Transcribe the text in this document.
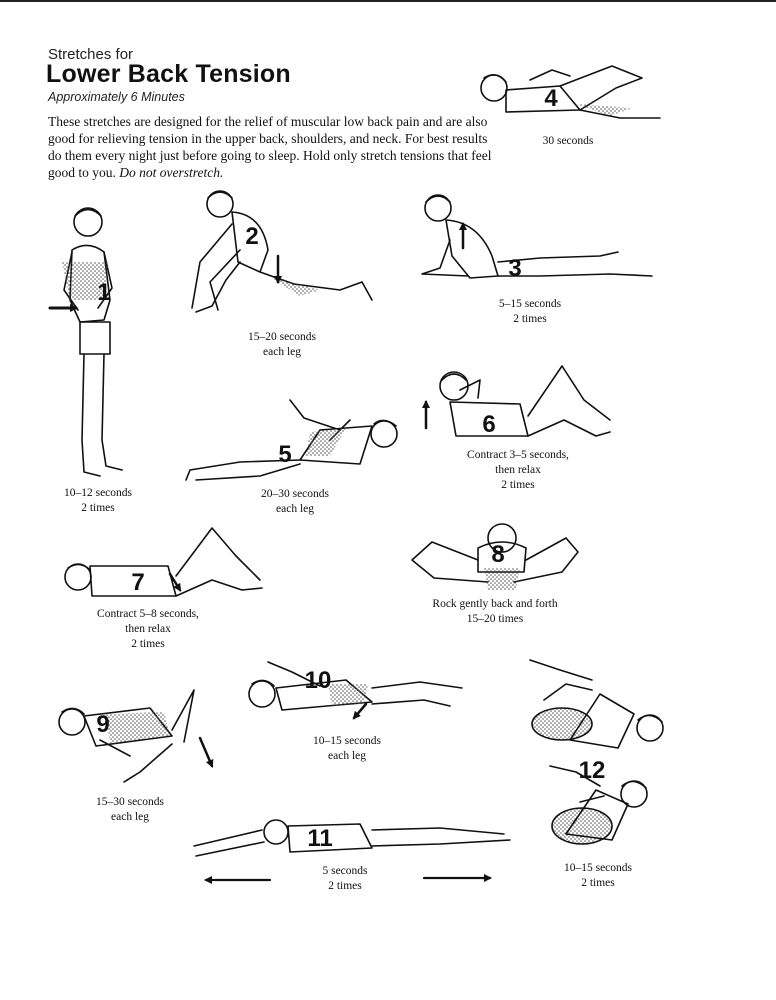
Stretches for
Lower Back Tension
Approximately 6 Minutes

These stretches are designed for the relief of muscular low back pain and are also good for relieving tension in the upper back, shoulders, and neck. For best results do them every night just before going to sleep. Hold only stretch tensions that feel good to you. Do not overstretch.

1
2
3
4
5
6
7
8
9
10
11
12
10–12 seconds
2 times
15–20 seconds
each leg
5–15 seconds
2 times
30 seconds
20–30 seconds
each leg
Contract 3–5 seconds,
then relax
2 times
Contract 5–8 seconds,
then relax
2 times
Rock gently back and forth
15–20 times
15–30 seconds
each leg
10–15 seconds
each leg
5 seconds
2 times
10–15 seconds
2 times
